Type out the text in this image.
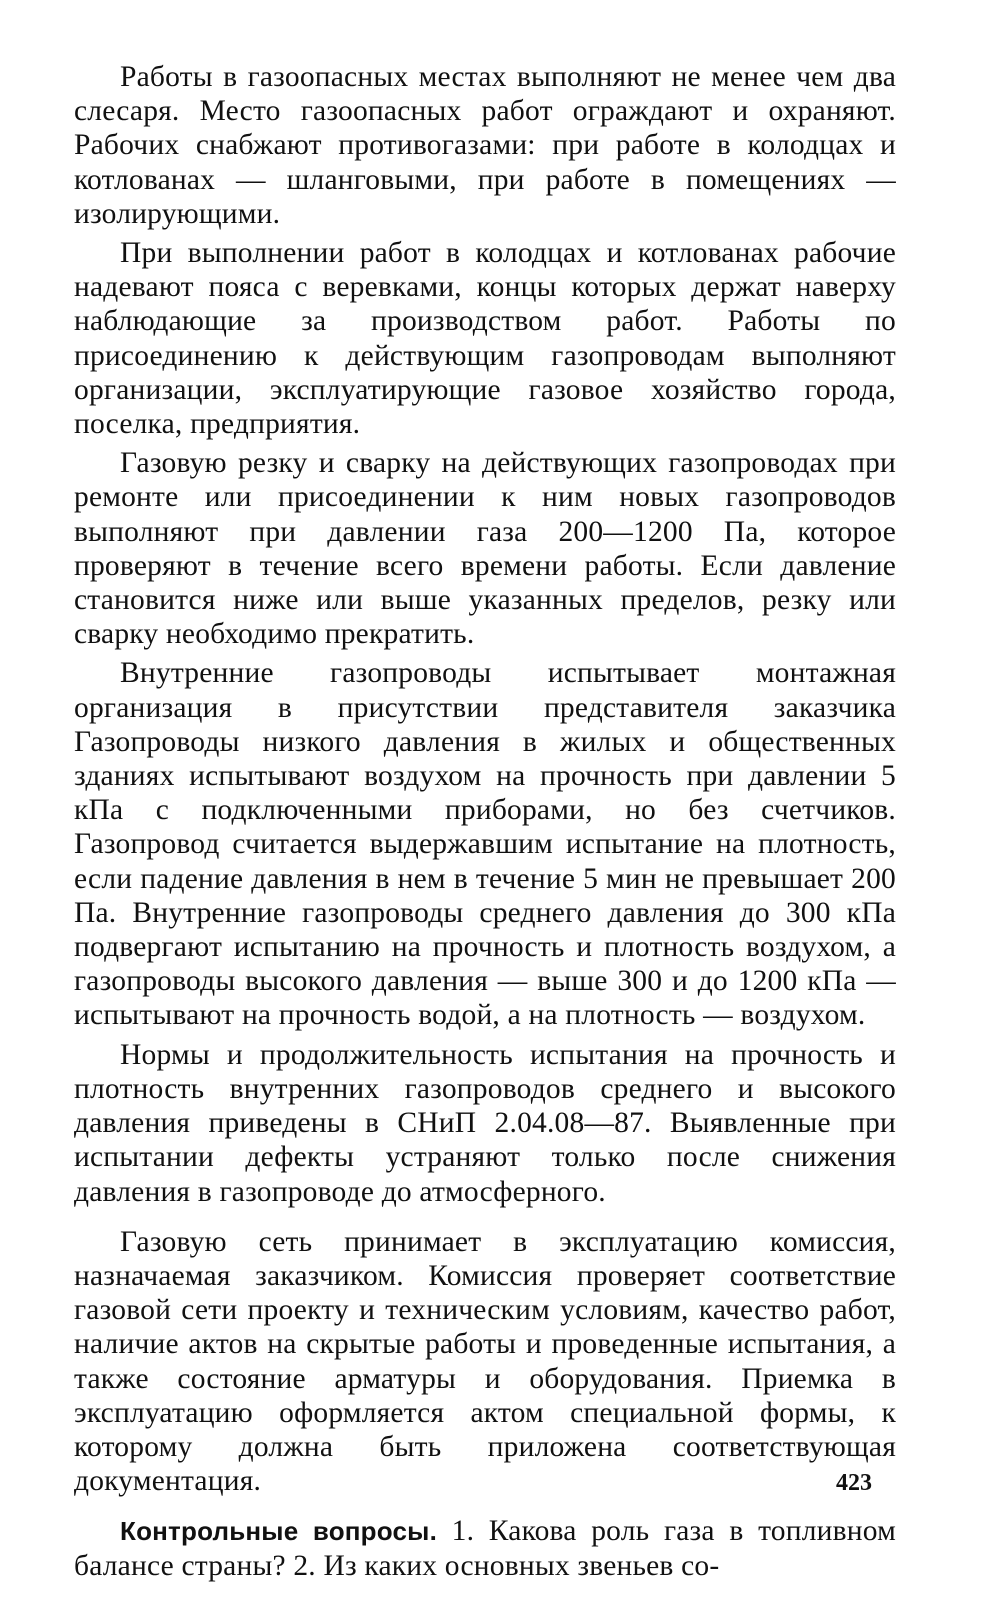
Работы в газоопасных местах выполняют не менее чем два слесаря. Место газоопасных работ ограждают и охраняют. Рабочих снабжают противогазами: при работе в колодцах и котлованах — шланговыми, при работе в помещениях — изолирующими.

При выполнении работ в колодцах и котлованах рабочие надевают пояса с веревками, концы которых держат наверху наблюдающие за производством работ. Работы по присоединению к действующим газопроводам выполняют организации, эксплуатирующие газовое хозяйство города, поселка, предприятия.

Газовую резку и сварку на действующих газопроводах при ремонте или присоединении к ним новых газопроводов выполняют при давлении газа 200—1200 Па, которое проверяют в течение всего времени работы. Если давление становится ниже или выше указанных пределов, резку или сварку необходимо прекратить.

Внутренние газопроводы испытывает монтажная организация в присутствии представителя заказчика Газопроводы низкого давления в жилых и общественных зданиях испытывают воздухом на прочность при давлении 5 кПа с подключенными приборами, но без счетчиков. Газопровод считается выдержавшим испытание на плотность, если падение давления в нем в течение 5 мин не превышает 200 Па. Внутренние газопроводы среднего давления до 300 кПа подвергают испытанию на прочность и плотность воздухом, а газопроводы высокого давления — выше 300 и до 1200 кПа — испытывают на прочность водой, а на плотность — воздухом.

Нормы и продолжительность испытания на прочность и плотность внутренних газопроводов среднего и высокого давления приведены в СНиП 2.04.08—87. Выявленные при испытании дефекты устраняют только после снижения давления в газопроводе до атмосферного.

Газовую сеть принимает в эксплуатацию комиссия, назначаемая заказчиком. Комиссия проверяет соответствие газовой сети проекту и техническим условиям, качество работ, наличие актов на скрытые работы и проведенные испытания, а также состояние арматуры и оборудования. Приемка в эксплуатацию оформляется актом специальной формы, к которому должна быть приложена соответствующая документация.

Контрольные вопросы. 1. Какова роль газа в топливном балансе страны? 2. Из каких основных звеньев со-

423
